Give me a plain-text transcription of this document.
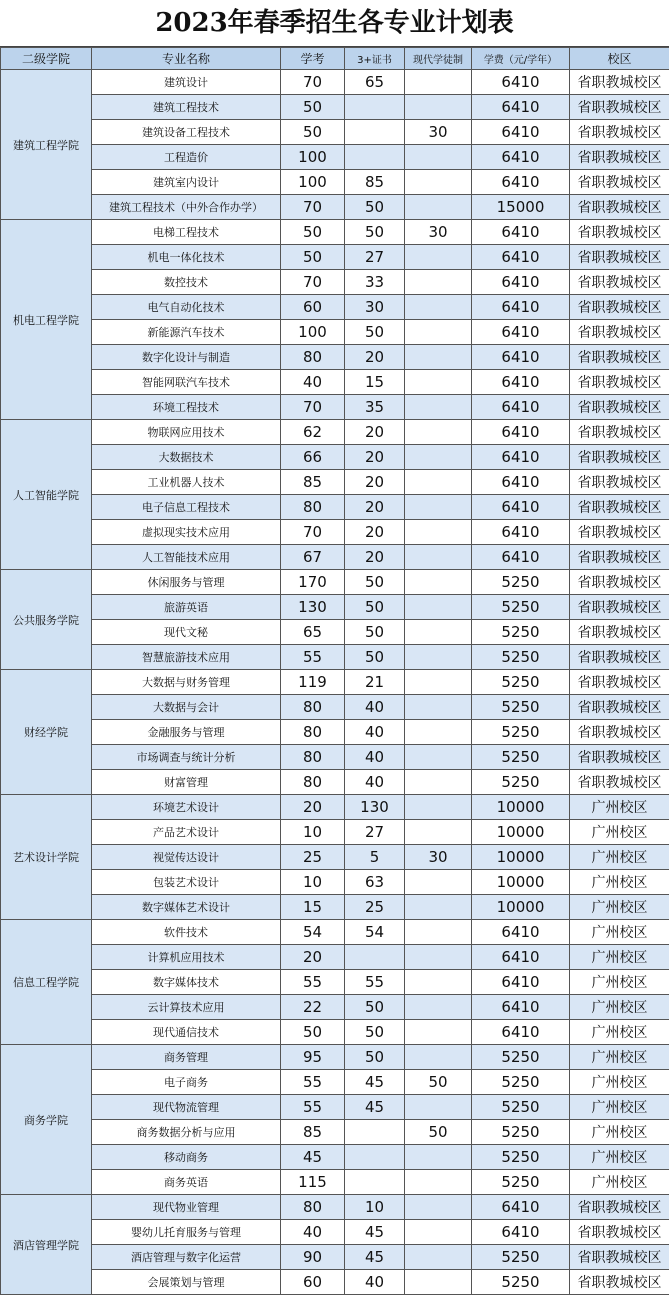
2023年春季招生各专业计划表
二级学院	专业名称	学考	3+证书	现代学徒制	学费（元/学年）	校区
建筑工程学院	建筑设计	70	65		6410	省职教城校区
	建筑工程技术	50			6410	省职教城校区
	建筑设备工程技术	50		30	6410	省职教城校区
	工程造价	100			6410	省职教城校区
	建筑室内设计	100	85		6410	省职教城校区
	建筑工程技术（中外合作办学）	70	50		15000	省职教城校区
机电工程学院	电梯工程技术	50	50	30	6410	省职教城校区
	机电一体化技术	50	27		6410	省职教城校区
	数控技术	70	33		6410	省职教城校区
	电气自动化技术	60	30		6410	省职教城校区
	新能源汽车技术	100	50		6410	省职教城校区
	数字化设计与制造	80	20		6410	省职教城校区
	智能网联汽车技术	40	15		6410	省职教城校区
	环境工程技术	70	35		6410	省职教城校区
人工智能学院	物联网应用技术	62	20		6410	省职教城校区
	大数据技术	66	20		6410	省职教城校区
	工业机器人技术	85	20		6410	省职教城校区
	电子信息工程技术	80	20		6410	省职教城校区
	虚拟现实技术应用	70	20		6410	省职教城校区
	人工智能技术应用	67	20		6410	省职教城校区
公共服务学院	休闲服务与管理	170	50		5250	省职教城校区
	旅游英语	130	50		5250	省职教城校区
	现代文秘	65	50		5250	省职教城校区
	智慧旅游技术应用	55	50		5250	省职教城校区
财经学院	大数据与财务管理	119	21		5250	省职教城校区
	大数据与会计	80	40		5250	省职教城校区
	金融服务与管理	80	40		5250	省职教城校区
	市场调查与统计分析	80	40		5250	省职教城校区
	财富管理	80	40		5250	省职教城校区
艺术设计学院	环境艺术设计	20	130		10000	广州校区
	产品艺术设计	10	27		10000	广州校区
	视觉传达设计	25	5	30	10000	广州校区
	包装艺术设计	10	63		10000	广州校区
	数字媒体艺术设计	15	25		10000	广州校区
信息工程学院	软件技术	54	54		6410	广州校区
	计算机应用技术	20			6410	广州校区
	数字媒体技术	55	55		6410	广州校区
	云计算技术应用	22	50		6410	广州校区
	现代通信技术	50	50		6410	广州校区
商务学院	商务管理	95	50		5250	广州校区
	电子商务	55	45	50	5250	广州校区
	现代物流管理	55	45		5250	广州校区
	商务数据分析与应用	85		50	5250	广州校区
	移动商务	45			5250	广州校区
	商务英语	115			5250	广州校区
酒店管理学院	现代物业管理	80	10		6410	省职教城校区
	婴幼儿托育服务与管理	40	45		6410	省职教城校区
	酒店管理与数字化运营	90	45		5250	省职教城校区
	会展策划与管理	60	40		5250	省职教城校区
